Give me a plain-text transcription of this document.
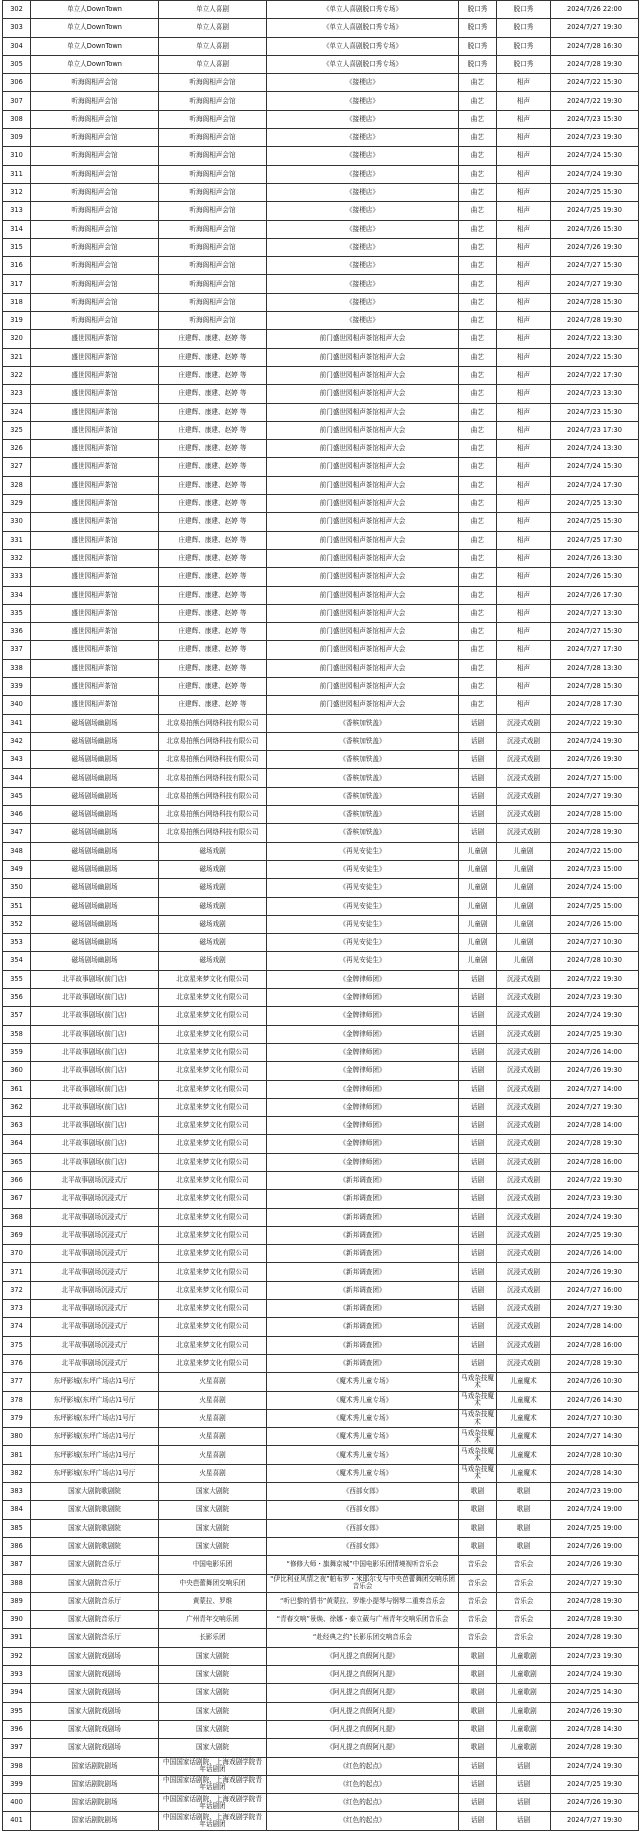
302	单立人DownTown	单立人喜剧	《单立人喜剧脱口秀专场》	脱口秀	脱口秀	2024/7/26 22:00
303	单立人DownTown	单立人喜剧	《单立人喜剧脱口秀专场》	脱口秀	脱口秀	2024/7/27 19:30
304	单立人DownTown	单立人喜剧	《单立人喜剧脱口秀专场》	脱口秀	脱口秀	2024/7/28 16:30
305	单立人DownTown	单立人喜剧	《单立人喜剧脱口秀专场》	脱口秀	脱口秀	2024/7/28 19:30
306	听海阁相声会馆	听海阁相声会馆	《接梗店》	曲艺	相声	2024/7/22 15:30
307	听海阁相声会馆	听海阁相声会馆	《接梗店》	曲艺	相声	2024/7/22 19:30
308	听海阁相声会馆	听海阁相声会馆	《接梗店》	曲艺	相声	2024/7/23 15:30
309	听海阁相声会馆	听海阁相声会馆	《接梗店》	曲艺	相声	2024/7/23 19:30
310	听海阁相声会馆	听海阁相声会馆	《接梗店》	曲艺	相声	2024/7/24 15:30
311	听海阁相声会馆	听海阁相声会馆	《接梗店》	曲艺	相声	2024/7/24 19:30
312	听海阁相声会馆	听海阁相声会馆	《接梗店》	曲艺	相声	2024/7/25 15:30
313	听海阁相声会馆	听海阁相声会馆	《接梗店》	曲艺	相声	2024/7/25 19:30
314	听海阁相声会馆	听海阁相声会馆	《接梗店》	曲艺	相声	2024/7/26 15:30
315	听海阁相声会馆	听海阁相声会馆	《接梗店》	曲艺	相声	2024/7/26 19:30
316	听海阁相声会馆	听海阁相声会馆	《接梗店》	曲艺	相声	2024/7/27 15:30
317	听海阁相声会馆	听海阁相声会馆	《接梗店》	曲艺	相声	2024/7/27 19:30
318	听海阁相声会馆	听海阁相声会馆	《接梗店》	曲艺	相声	2024/7/28 15:30
319	听海阁相声会馆	听海阁相声会馆	《接梗店》	曲艺	相声	2024/7/28 19:30
320	盛世园相声茶馆	庄建辉、康建、赵婷 等	前门盛世园相声茶馆相声大会	曲艺	相声	2024/7/22 13:30
321	盛世园相声茶馆	庄建辉、康建、赵婷 等	前门盛世园相声茶馆相声大会	曲艺	相声	2024/7/22 15:30
322	盛世园相声茶馆	庄建辉、康建、赵婷 等	前门盛世园相声茶馆相声大会	曲艺	相声	2024/7/22 17:30
323	盛世园相声茶馆	庄建辉、康建、赵婷 等	前门盛世园相声茶馆相声大会	曲艺	相声	2024/7/23 13:30
324	盛世园相声茶馆	庄建辉、康建、赵婷 等	前门盛世园相声茶馆相声大会	曲艺	相声	2024/7/23 15:30
325	盛世园相声茶馆	庄建辉、康建、赵婷 等	前门盛世园相声茶馆相声大会	曲艺	相声	2024/7/23 17:30
326	盛世园相声茶馆	庄建辉、康建、赵婷 等	前门盛世园相声茶馆相声大会	曲艺	相声	2024/7/24 13:30
327	盛世园相声茶馆	庄建辉、康建、赵婷 等	前门盛世园相声茶馆相声大会	曲艺	相声	2024/7/24 15:30
328	盛世园相声茶馆	庄建辉、康建、赵婷 等	前门盛世园相声茶馆相声大会	曲艺	相声	2024/7/24 17:30
329	盛世园相声茶馆	庄建辉、康建、赵婷 等	前门盛世园相声茶馆相声大会	曲艺	相声	2024/7/25 13:30
330	盛世园相声茶馆	庄建辉、康建、赵婷 等	前门盛世园相声茶馆相声大会	曲艺	相声	2024/7/25 15:30
331	盛世园相声茶馆	庄建辉、康建、赵婷 等	前门盛世园相声茶馆相声大会	曲艺	相声	2024/7/25 17:30
332	盛世园相声茶馆	庄建辉、康建、赵婷 等	前门盛世园相声茶馆相声大会	曲艺	相声	2024/7/26 13:30
333	盛世园相声茶馆	庄建辉、康建、赵婷 等	前门盛世园相声茶馆相声大会	曲艺	相声	2024/7/26 15:30
334	盛世园相声茶馆	庄建辉、康建、赵婷 等	前门盛世园相声茶馆相声大会	曲艺	相声	2024/7/26 17:30
335	盛世园相声茶馆	庄建辉、康建、赵婷 等	前门盛世园相声茶馆相声大会	曲艺	相声	2024/7/27 13:30
336	盛世园相声茶馆	庄建辉、康建、赵婷 等	前门盛世园相声茶馆相声大会	曲艺	相声	2024/7/27 15:30
337	盛世园相声茶馆	庄建辉、康建、赵婷 等	前门盛世园相声茶馆相声大会	曲艺	相声	2024/7/27 17:30
338	盛世园相声茶馆	庄建辉、康建、赵婷 等	前门盛世园相声茶馆相声大会	曲艺	相声	2024/7/28 13:30
339	盛世园相声茶馆	庄建辉、康建、赵婷 等	前门盛世园相声茶馆相声大会	曲艺	相声	2024/7/28 15:30
340	盛世园相声茶馆	庄建辉、康建、赵婷 等	前门盛世园相声茶馆相声大会	曲艺	相声	2024/7/28 17:30
341	磁场剧场幽剧场	北京易拍熊台网络科技有限公司	《香槟加铁盖》	话剧	沉浸式戏剧	2024/7/22 19:30
342	磁场剧场幽剧场	北京易拍熊台网络科技有限公司	《香槟加铁盖》	话剧	沉浸式戏剧	2024/7/24 19:30
343	磁场剧场幽剧场	北京易拍熊台网络科技有限公司	《香槟加铁盖》	话剧	沉浸式戏剧	2024/7/26 19:30
344	磁场剧场幽剧场	北京易拍熊台网络科技有限公司	《香槟加铁盖》	话剧	沉浸式戏剧	2024/7/27 15:00
345	磁场剧场幽剧场	北京易拍熊台网络科技有限公司	《香槟加铁盖》	话剧	沉浸式戏剧	2024/7/27 19:30
346	磁场剧场幽剧场	北京易拍熊台网络科技有限公司	《香槟加铁盖》	话剧	沉浸式戏剧	2024/7/28 15:00
347	磁场剧场幽剧场	北京易拍熊台网络科技有限公司	《香槟加铁盖》	话剧	沉浸式戏剧	2024/7/28 19:30
348	磁场剧场幽剧场	磁场戏剧	《再见安徒生》	儿童剧	儿童剧	2024/7/22 15:00
349	磁场剧场幽剧场	磁场戏剧	《再见安徒生》	儿童剧	儿童剧	2024/7/23 15:00
350	磁场剧场幽剧场	磁场戏剧	《再见安徒生》	儿童剧	儿童剧	2024/7/24 15:00
351	磁场剧场幽剧场	磁场戏剧	《再见安徒生》	儿童剧	儿童剧	2024/7/25 15:00
352	磁场剧场幽剧场	磁场戏剧	《再见安徒生》	儿童剧	儿童剧	2024/7/26 15:00
353	磁场剧场幽剧场	磁场戏剧	《再见安徒生》	儿童剧	儿童剧	2024/7/27 10:30
354	磁场剧场幽剧场	磁场戏剧	《再见安徒生》	儿童剧	儿童剧	2024/7/28 10:30
355	北平故事剧场(前门店)	北京星来梦文化有限公司	《金牌律师团》	话剧	沉浸式戏剧	2024/7/22 19:30
356	北平故事剧场(前门店)	北京星来梦文化有限公司	《金牌律师团》	话剧	沉浸式戏剧	2024/7/23 19:30
357	北平故事剧场(前门店)	北京星来梦文化有限公司	《金牌律师团》	话剧	沉浸式戏剧	2024/7/24 19:30
358	北平故事剧场(前门店)	北京星来梦文化有限公司	《金牌律师团》	话剧	沉浸式戏剧	2024/7/25 19:30
359	北平故事剧场(前门店)	北京星来梦文化有限公司	《金牌律师团》	话剧	沉浸式戏剧	2024/7/26 14:00
360	北平故事剧场(前门店)	北京星来梦文化有限公司	《金牌律师团》	话剧	沉浸式戏剧	2024/7/26 19:30
361	北平故事剧场(前门店)	北京星来梦文化有限公司	《金牌律师团》	话剧	沉浸式戏剧	2024/7/27 14:00
362	北平故事剧场(前门店)	北京星来梦文化有限公司	《金牌律师团》	话剧	沉浸式戏剧	2024/7/27 19:30
363	北平故事剧场(前门店)	北京星来梦文化有限公司	《金牌律师团》	话剧	沉浸式戏剧	2024/7/28 14:00
364	北平故事剧场(前门店)	北京星来梦文化有限公司	《金牌律师团》	话剧	沉浸式戏剧	2024/7/28 19:30
365	北平故事剧场(前门店)	北京星来梦文化有限公司	《金牌律师团》	话剧	沉浸式戏剧	2024/7/28 16:00
366	北平故事剧场沉浸式厅	北京星来梦文化有限公司	《新邦调查团》	话剧	沉浸式戏剧	2024/7/22 19:30
367	北平故事剧场沉浸式厅	北京星来梦文化有限公司	《新邦调查团》	话剧	沉浸式戏剧	2024/7/23 19:30
368	北平故事剧场沉浸式厅	北京星来梦文化有限公司	《新邦调查团》	话剧	沉浸式戏剧	2024/7/24 19:30
369	北平故事剧场沉浸式厅	北京星来梦文化有限公司	《新邦调查团》	话剧	沉浸式戏剧	2024/7/25 19:30
370	北平故事剧场沉浸式厅	北京星来梦文化有限公司	《新邦调查团》	话剧	沉浸式戏剧	2024/7/26 14:00
371	北平故事剧场沉浸式厅	北京星来梦文化有限公司	《新邦调查团》	话剧	沉浸式戏剧	2024/7/26 19:30
372	北平故事剧场沉浸式厅	北京星来梦文化有限公司	《新邦调查团》	话剧	沉浸式戏剧	2024/7/27 16:00
373	北平故事剧场沉浸式厅	北京星来梦文化有限公司	《新邦调查团》	话剧	沉浸式戏剧	2024/7/27 19:30
374	北平故事剧场沉浸式厅	北京星来梦文化有限公司	《新邦调查团》	话剧	沉浸式戏剧	2024/7/28 14:00
375	北平故事剧场沉浸式厅	北京星来梦文化有限公司	《新邦调查团》	话剧	沉浸式戏剧	2024/7/28 16:00
376	北平故事剧场沉浸式厅	北京星来梦文化有限公司	《新邦调查团》	话剧	沉浸式戏剧	2024/7/28 19:30
377	东坪影城(东坪广场店)1号厅	火星喜剧	《魔术秀儿童专场》	马戏杂技魔术	儿童魔术	2024/7/26 10:30
378	东坪影城(东坪广场店)1号厅	火星喜剧	《魔术秀儿童专场》	马戏杂技魔术	儿童魔术	2024/7/26 14:30
379	东坪影城(东坪广场店)1号厅	火星喜剧	《魔术秀儿童专场》	马戏杂技魔术	儿童魔术	2024/7/27 10:30
380	东坪影城(东坪广场店)1号厅	火星喜剧	《魔术秀儿童专场》	马戏杂技魔术	儿童魔术	2024/7/27 14:30
381	东坪影城(东坪广场店)1号厅	火星喜剧	《魔术秀儿童专场》	马戏杂技魔术	儿童魔术	2024/7/28 10:30
382	东坪影城(东坪广场店)1号厅	火星喜剧	《魔术秀儿童专场》	马戏杂技魔术	儿童魔术	2024/7/28 14:30
383	国家大剧院歌剧院	国家大剧院	《西部女郎》	歌剧	歌剧	2024/7/23 19:00
384	国家大剧院歌剧院	国家大剧院	《西部女郎》	歌剧	歌剧	2024/7/24 19:00
385	国家大剧院歌剧院	国家大剧院	《西部女郎》	歌剧	歌剧	2024/7/25 19:00
386	国家大剧院歌剧院	国家大剧院	《西部女郎》	歌剧	歌剧	2024/7/26 19:00
387	国家大剧院音乐厅	中国电影乐团	“修修大师・旗舞京城”中国电影乐团情境视听音乐会	音乐会	音乐会	2024/7/26 19:30
388	国家大剧院音乐厅	中央芭蕾舞团交响乐团	“伊比利亚风情之夜”帕布罗・米耶尔戈与中央芭蕾舞团交响乐团音乐会	音乐会	音乐会	2024/7/27 19:30
389	国家大剧院音乐厅	黄蒙拉、罗维	“听巴黎的情书”黄蒙拉、罗维小提琴与钢琴二重奏音乐会	音乐会	音乐会	2024/7/28 19:30
390	国家大剧院音乐厅	广州青年交响乐团	“青春交响”景焕、徐娜・泰立葳与广州青年交响乐团音乐会	音乐会	音乐会	2024/7/28 19:30
391	国家大剧院音乐厅	长影乐团	“赴经典之约”长影乐团交响音乐会	音乐会	音乐会	2024/7/28 19:30
392	国家大剧院戏剧场	国家大剧院	《阿凡提之真假阿凡提》	歌剧	儿童歌剧	2024/7/23 19:30
393	国家大剧院戏剧场	国家大剧院	《阿凡提之真假阿凡提》	歌剧	儿童歌剧	2024/7/24 19:30
394	国家大剧院戏剧场	国家大剧院	《阿凡提之真假阿凡提》	歌剧	儿童歌剧	2024/7/25 14:30
395	国家大剧院戏剧场	国家大剧院	《阿凡提之真假阿凡提》	歌剧	儿童歌剧	2024/7/26 19:30
396	国家大剧院戏剧场	国家大剧院	《阿凡提之真假阿凡提》	歌剧	儿童歌剧	2024/7/28 14:30
397	国家大剧院戏剧场	国家大剧院	《阿凡提之真假阿凡提》	歌剧	儿童歌剧	2024/7/28 19:30
398	国家话剧院剧场	中国国家话剧院、上海戏剧学院青年话剧团	《红色的起点》	话剧	话剧	2024/7/24 19:30
399	国家话剧院剧场	中国国家话剧院、上海戏剧学院青年话剧团	《红色的起点》	话剧	话剧	2024/7/25 19:30
400	国家话剧院剧场	中国国家话剧院、上海戏剧学院青年话剧团	《红色的起点》	话剧	话剧	2024/7/26 19:30
401	国家话剧院剧场	中国国家话剧院、上海戏剧学院青年话剧团	《红色的起点》	话剧	话剧	2024/7/27 19:30
